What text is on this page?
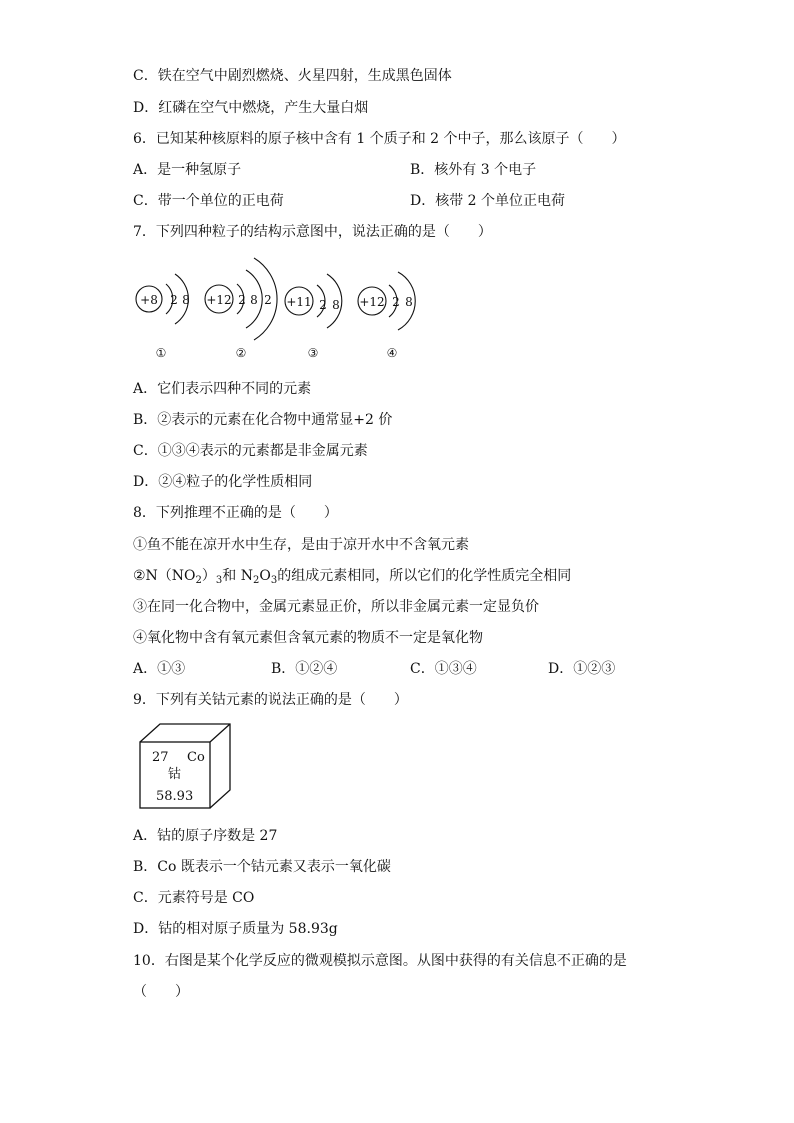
C．铁在空气中剧烈燃烧、火星四射，生成黑色固体
D．红磷在空气中燃烧，产生大量白烟
6．已知某种核原料的原子核中含有 1 个质子和 2 个中子，那么该原子（　　）
A．是一种氢原子	B．核外有 3 个电子
C．带一个单位的正电荷	D．核带 2 个单位正电荷
7．下列四种粒子的结构示意图中，说法正确的是（　　）
+8 2 8
①
+12 2 8 2
②
+11 2 8
③
+12 2 8
④
A．它们表示四种不同的元素
B．②表示的元素在化合物中通常显+2 价
C．①③④表示的元素都是非金属元素
D．②④粒子的化学性质相同
8．下列推理不正确的是（　　）
①鱼不能在凉开水中生存，是由于凉开水中不含氧元素
$②N(NO_2)_3$和 $N_2O_3$的组成元素相同，所以它们的化学性质完全相同
③在同一化合物中，金属元素显正价，所以非金属元素一定显负价
④氧化物中含有氧元素但含氧元素的物质不一定是氧化物
A．①③	B．①②④	C．①③④	D．①②③
9．下列有关钴元素的说法正确的是（　　）
27 Co
钴
58.93
A．钴的原子序数是 27
B．Co 既表示一个钴元素又表示一氧化碳
C．元素符号是 CO
D．钴的相对原子质量为 58.93g
10．右图是某个化学反应的微观模拟示意图。从图中获得的有关信息不正确的是
（　　）
